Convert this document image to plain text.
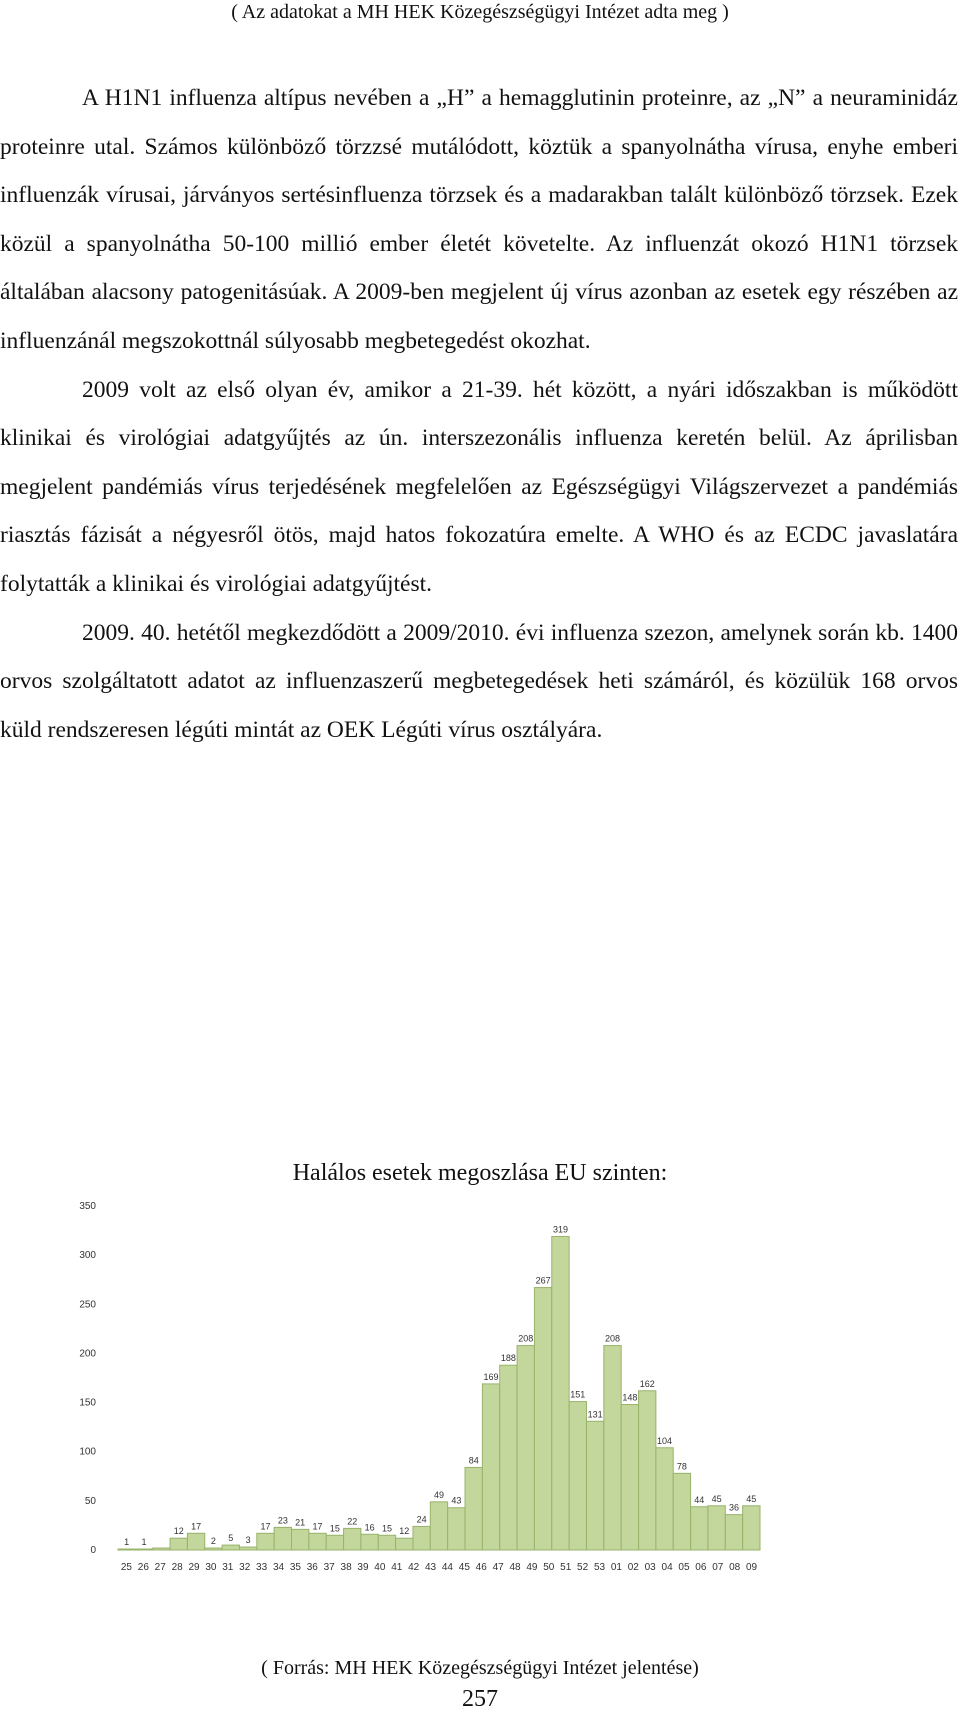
( Az adatokat a MH HEK Közegészségügyi Intézet adta meg )

A H1N1 influenza altípus nevében a „H” a hemagglutinin proteinre, az „N” a neuraminidáz proteinre utal. Számos különböző törzzsé mutálódott, köztük a spanyolnátha vírusa, enyhe emberi influenzák vírusai, járványos sertésinfluenza törzsek és a madarakban talált különböző törzsek. Ezek közül a spanyolnátha 50-100 millió ember életét követelte. Az influenzát okozó H1N1 törzsek általában alacsony patogenitásúak. A 2009-ben megjelent új vírus azonban az esetek egy részében az influenzánál megszokottnál súlyosabb megbetegedést okozhat.

2009 volt az első olyan év, amikor a 21-39. hét között, a nyári időszakban is működött klinikai és virológiai adatgyűjtés az ún. interszezonális influenza keretén belül. Az áprilisban megjelent pandémiás vírus terjedésének megfelelően az Egészségügyi Világszervezet a pandémiás riasztás fázisát a négyesről ötös, majd hatos fokozatúra emelte. A WHO és az ECDC javaslatára folytatták a klinikai és virológiai adatgyűjtést.

2009. 40. hetétől megkezdődött a 2009/2010. évi influenza szezon, amelynek során kb. 1400 orvos szolgáltatott adatot az influenzaszerű megbetegedések heti számáról, és közülük 168 orvos küld rendszeresen légúti mintát az OEK Légúti vírus osztályára.

Halálos esetek megoszlása EU szinten:
0
50
100
150
200
250
300
350
1 1
12 17
2 5 3
17
23 21 17 15
22
16 15 12
24
49
43
84
169
188
208
267
319
151
131
208
148
162
104
78
44 45
36
45
25 26 27 28 29 30 31 32 33 34 35 36 37 38 39 40 41 42 43 44 45 46 47 48 49 50 51 52 53 01 02 03 04 05 06 07 08 09
( Forrás: MH HEK Közegészségügyi Intézet jelentése)
257
